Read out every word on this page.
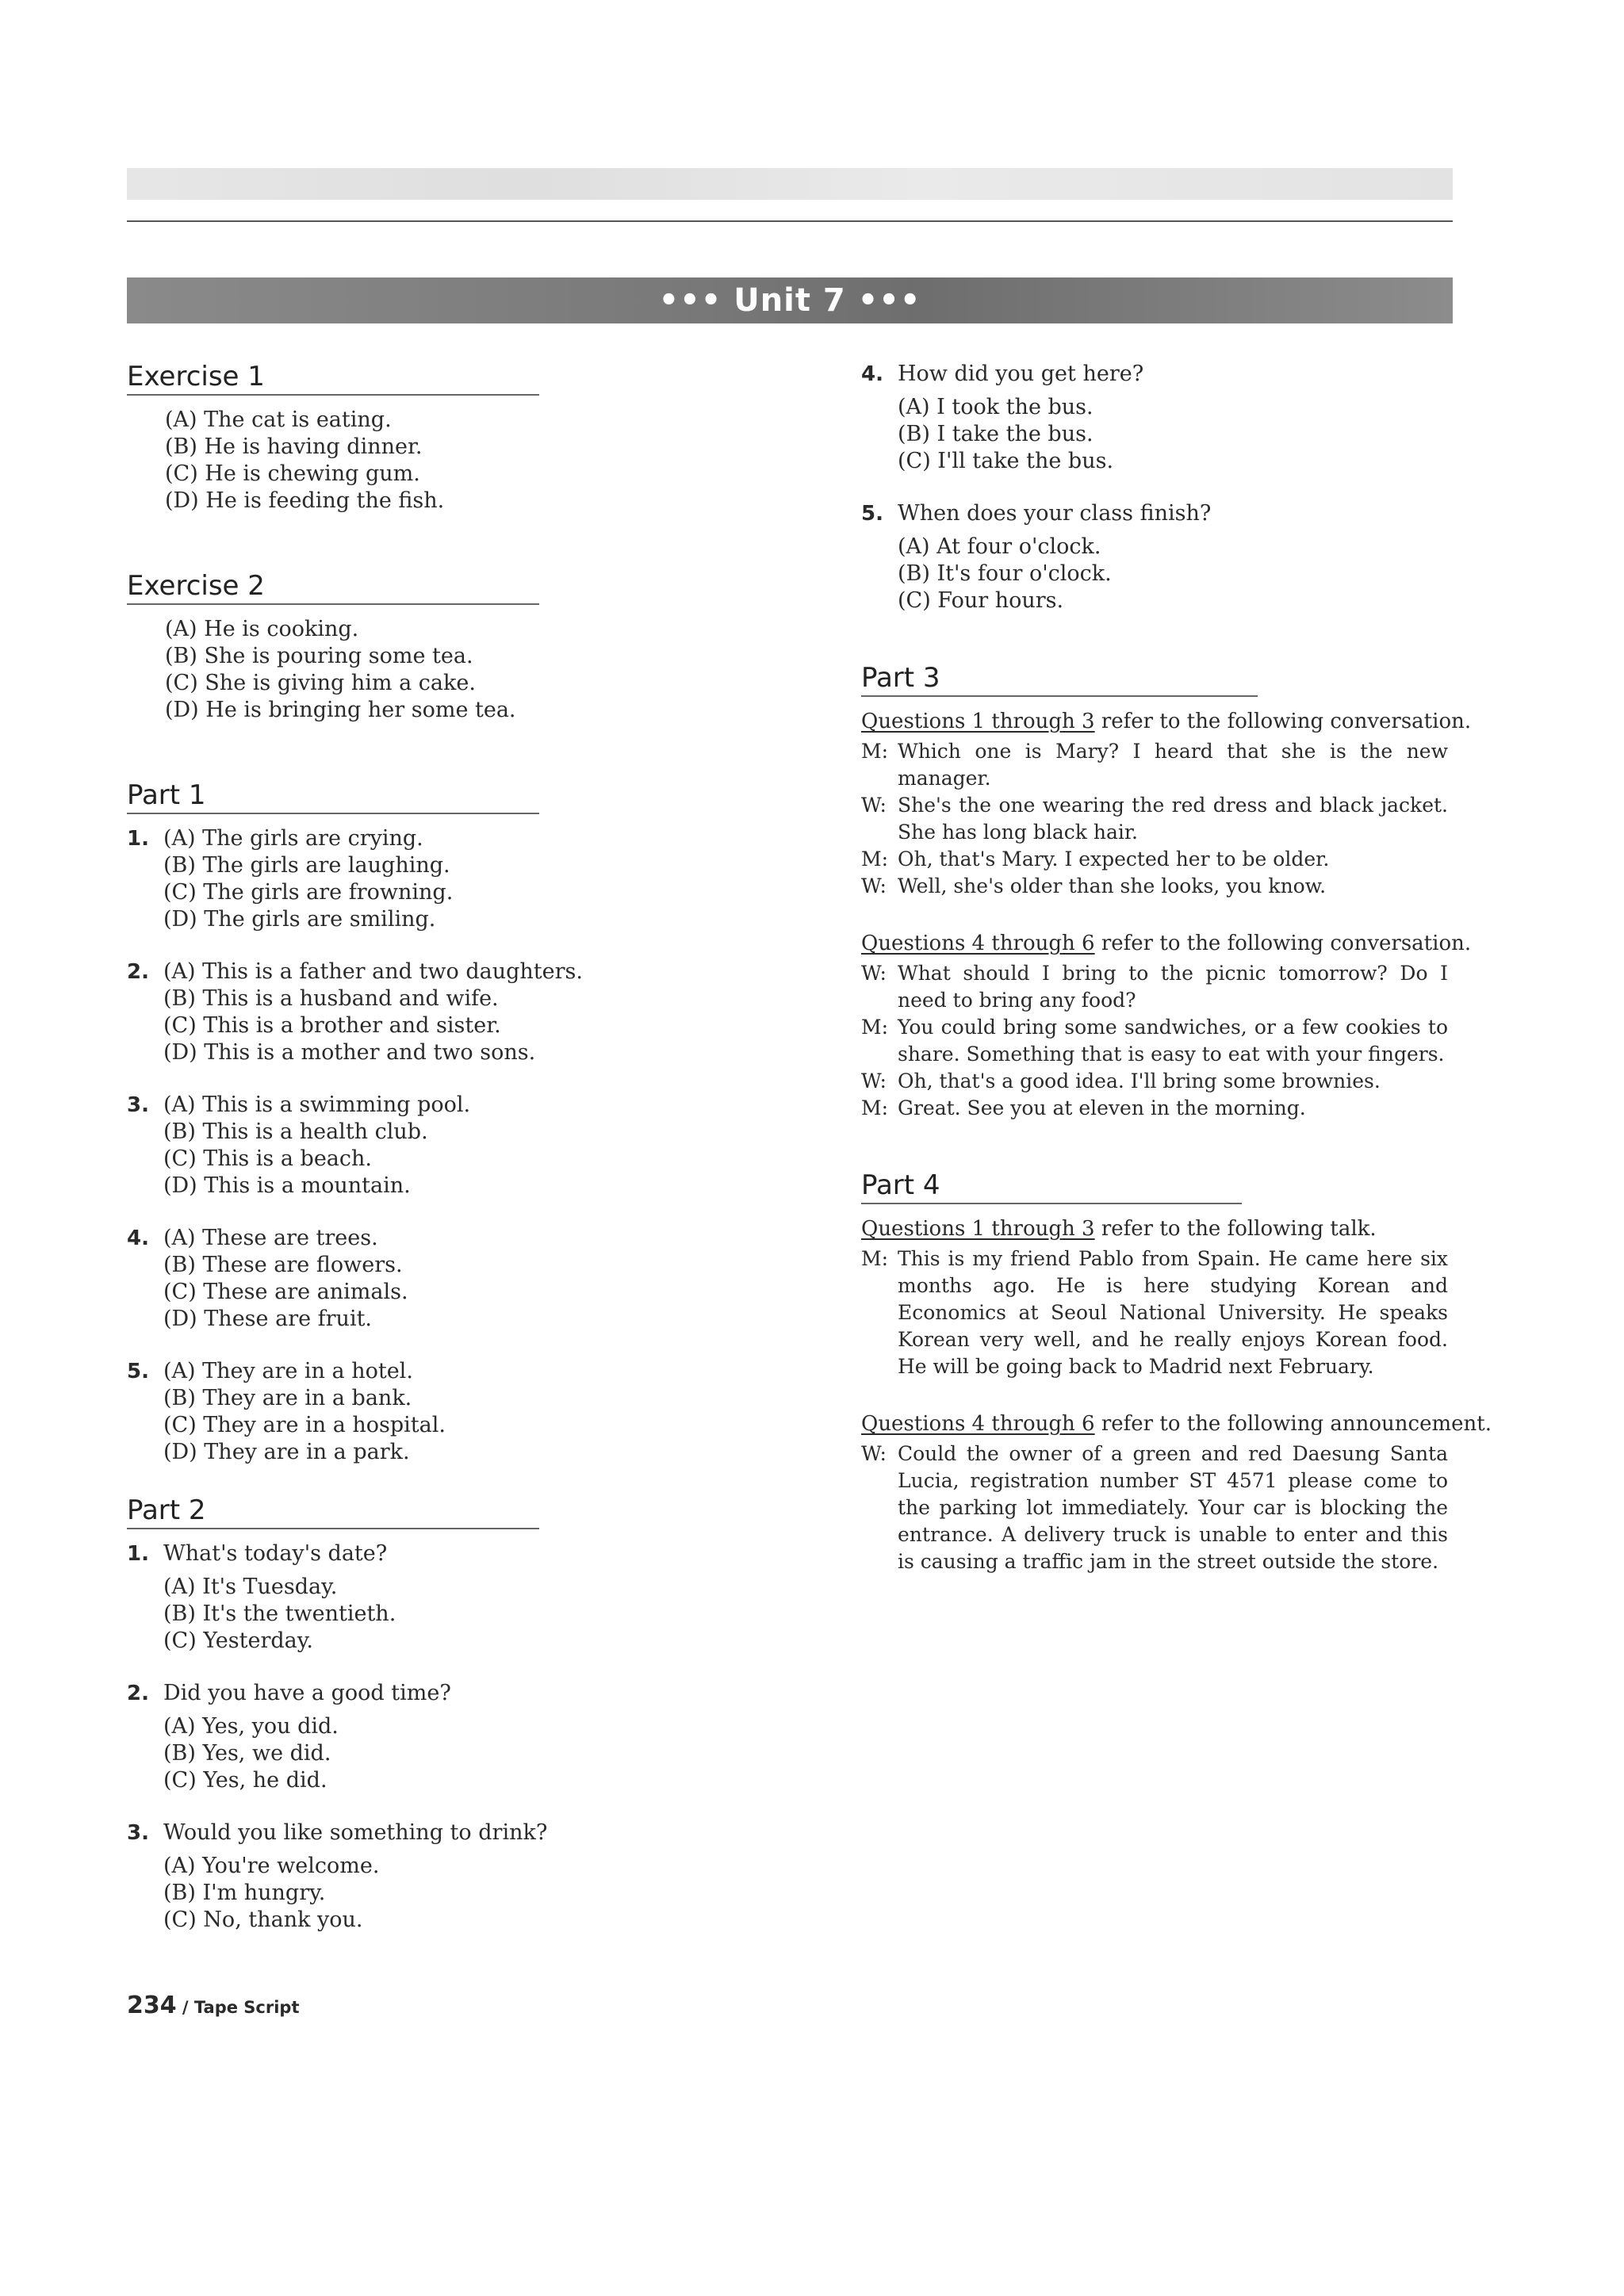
••• Unit 7 •••
Exercise 1
(A) The cat is eating.
(B) He is having dinner.
(C) He is chewing gum.
(D) He is feeding the fish.
Exercise 2
(A) He is cooking.
(B) She is pouring some tea.
(C) She is giving him a cake.
(D) He is bringing her some tea.
Part 1
1. (A) The girls are crying.
(B) The girls are laughing.
(C) The girls are frowning.
(D) The girls are smiling.
2. (A) This is a father and two daughters.
(B) This is a husband and wife.
(C) This is a brother and sister.
(D) This is a mother and two sons.
3. (A) This is a swimming pool.
(B) This is a health club.
(C) This is a beach.
(D) This is a mountain.
4. (A) These are trees.
(B) These are flowers.
(C) These are animals.
(D) These are fruit.
5. (A) They are in a hotel.
(B) They are in a bank.
(C) They are in a hospital.
(D) They are in a park.
Part 2
1. What's today's date?
(A) It's Tuesday.
(B) It's the twentieth.
(C) Yesterday.
2. Did you have a good time?
(A) Yes, you did.
(B) Yes, we did.
(C) Yes, he did.
3. Would you like something to drink?
(A) You're welcome.
(B) I'm hungry.
(C) No, thank you.
4. How did you get here?
(A) I took the bus.
(B) I take the bus.
(C) I'll take the bus.
5. When does your class finish?
(A) At four o'clock.
(B) It's four o'clock.
(C) Four hours.
Part 3
Questions 1 through 3 refer to the following conversation.
M: Which one is Mary? I heard that she is the new manager.
W: She's the one wearing the red dress and black jacket. She has long black hair.
M: Oh, that's Mary. I expected her to be older.
W: Well, she's older than she looks, you know.
Questions 4 through 6 refer to the following conversation.
W: What should I bring to the picnic tomorrow? Do I need to bring any food?
M: You could bring some sandwiches, or a few cookies to share. Something that is easy to eat with your fingers.
W: Oh, that's a good idea. I'll bring some brownies.
M: Great. See you at eleven in the morning.
Part 4
Questions 1 through 3 refer to the following talk.
M: This is my friend Pablo from Spain. He came here six months ago. He is here studying Korean and Economics at Seoul National University. He speaks Korean very well, and he really enjoys Korean food. He will be going back to Madrid next February.
Questions 4 through 6 refer to the following announcement.
W: Could the owner of a green and red Daesung Santa Lucia, registration number ST 4571 please come to the parking lot immediately. Your car is blocking the entrance. A delivery truck is unable to enter and this is causing a traffic jam in the street outside the store.
234 / Tape Script
